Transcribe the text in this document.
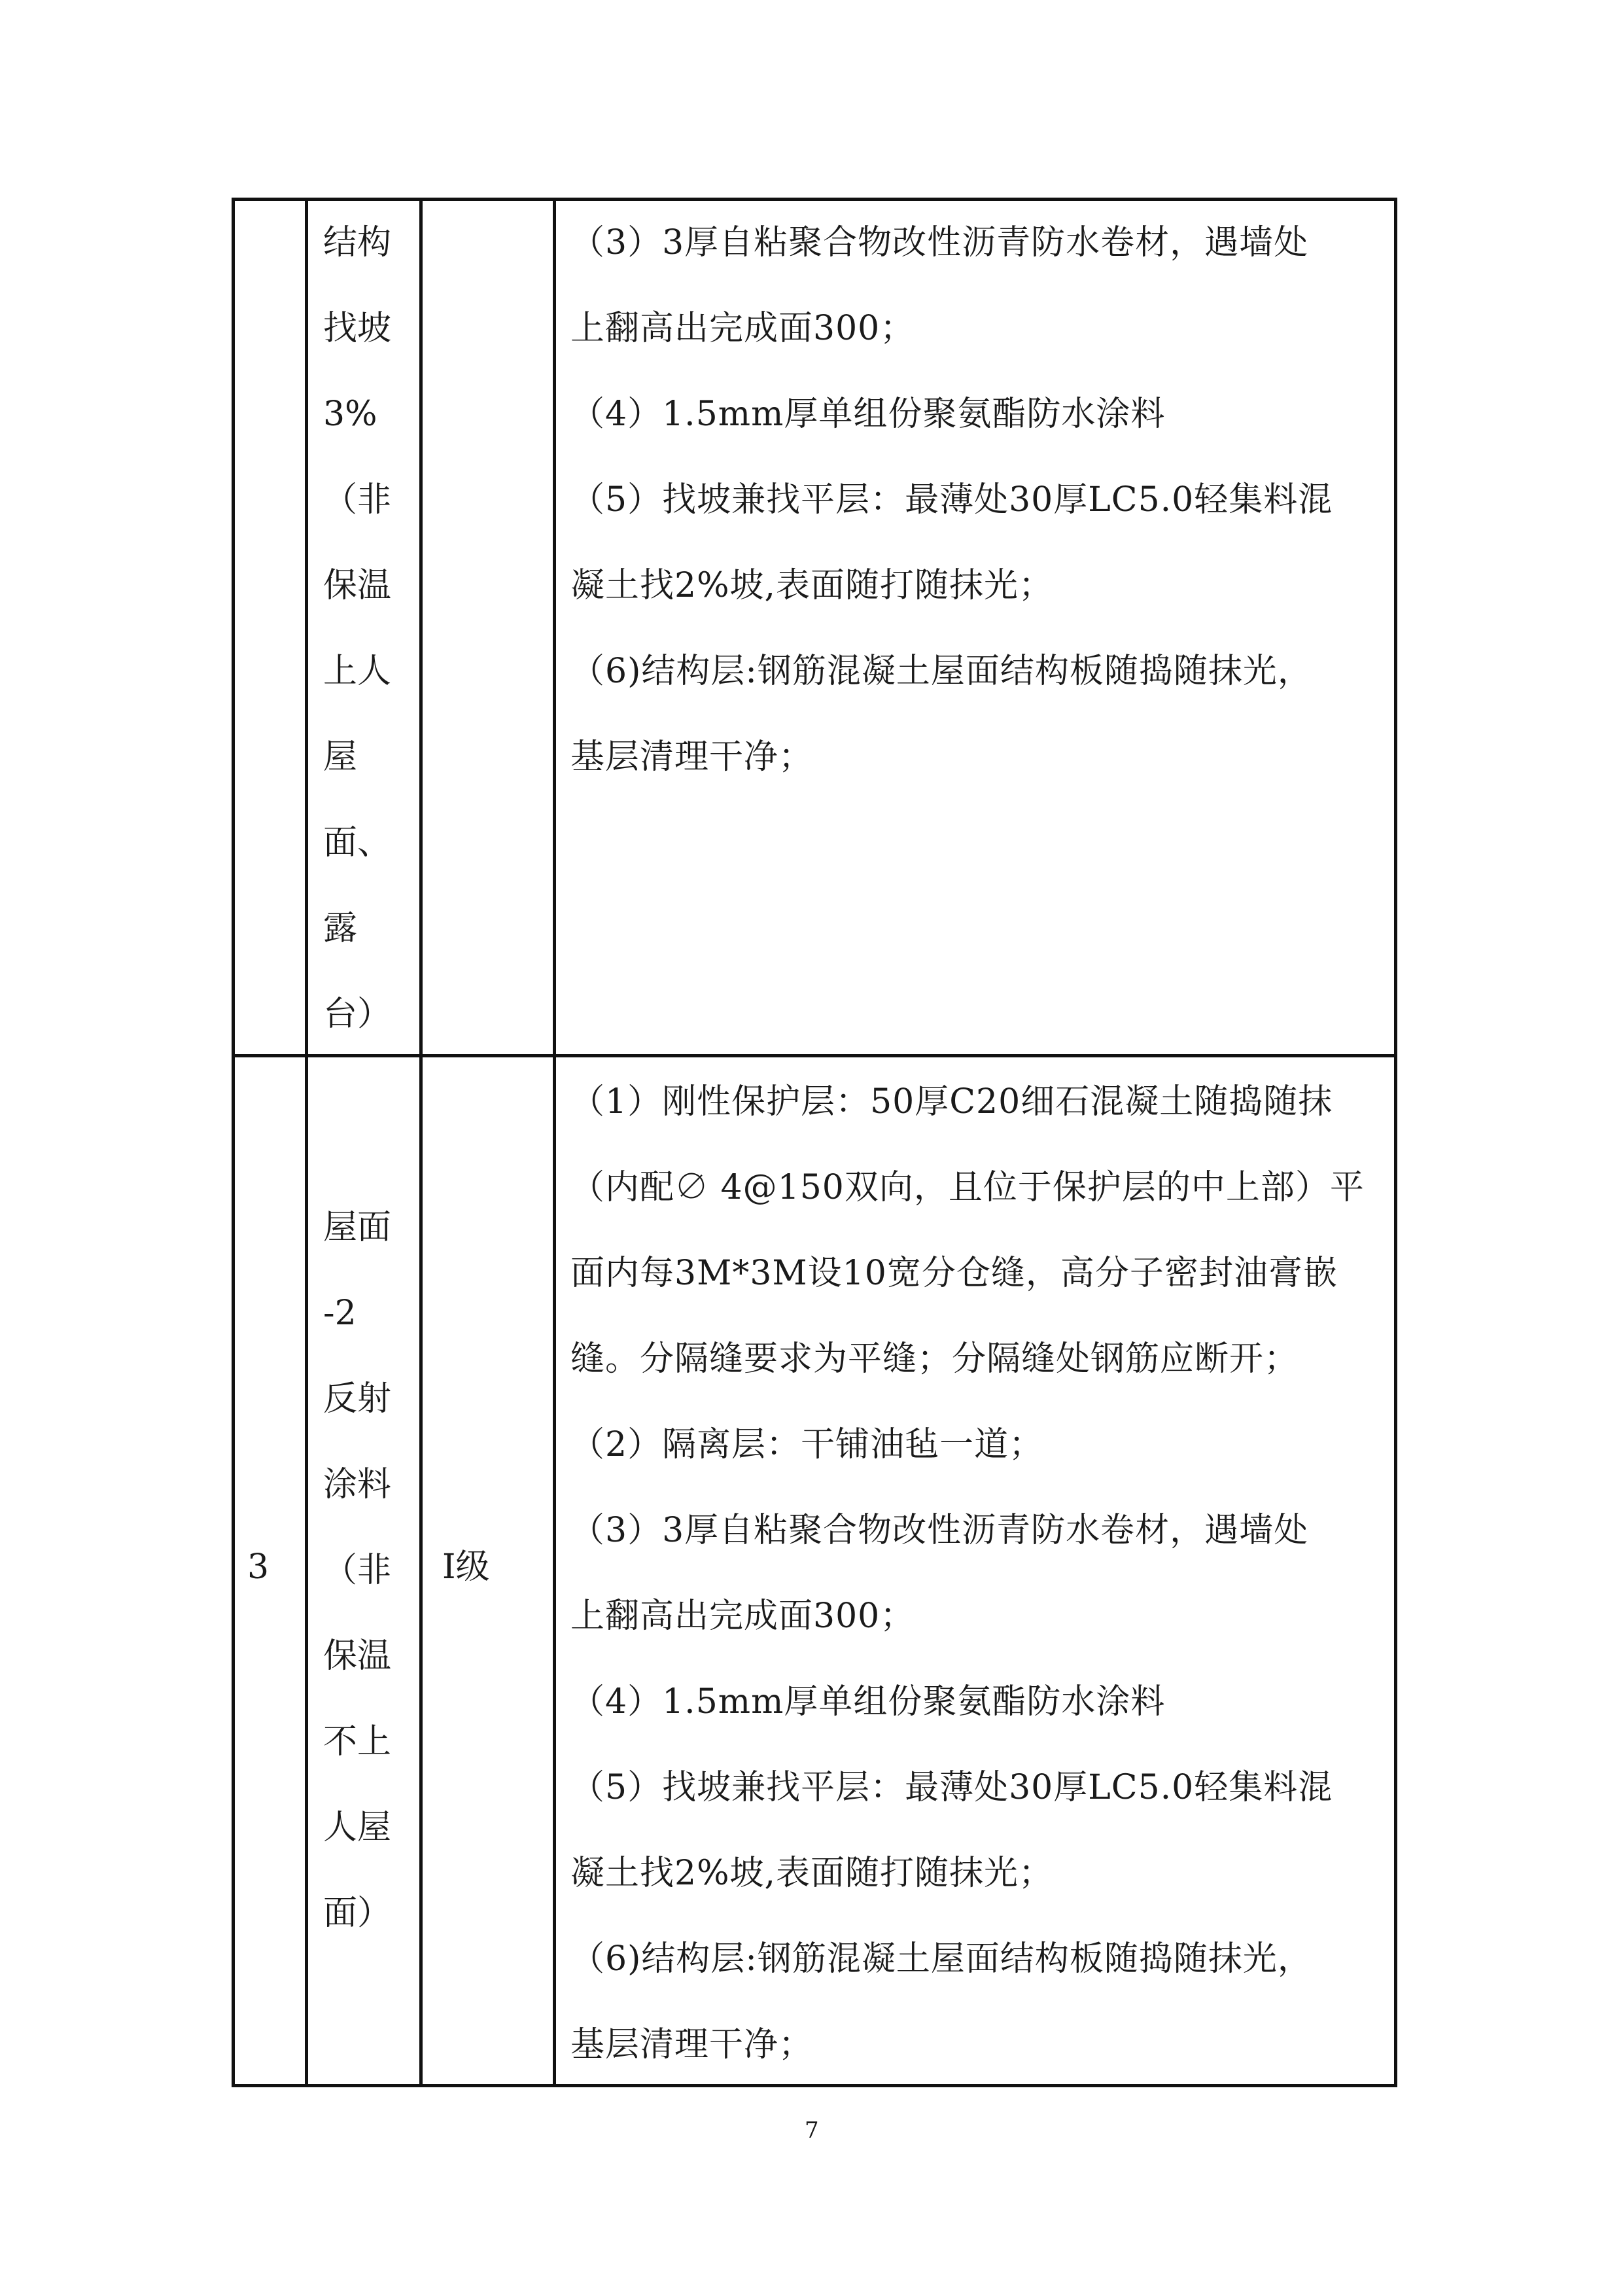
结构
找坡
3%
（非
保温
上人
屋
面、
露
台）
（3）3厚自粘聚合物改性沥青防水卷材，遇墙处
上翻高出完成面300；
（4）1.5mm厚单组份聚氨酯防水涂料
（5）找坡兼找平层：最薄处30厚LC5.0轻集料混
凝土找2%坡,表面随打随抹光；
（6)结构层:钢筋混凝土屋面结构板随捣随抹光，
基层清理干净；
3
屋面
-2
反射
涂料
（非
保温
不上
人屋
面）
Ⅰ级
（1）刚性保护层：50厚C20细石混凝土随捣随抹
（内配∅ 4@150双向，且位于保护层的中上部）平
面内每3M*3M设10宽分仓缝，高分子密封油膏嵌
缝。分隔缝要求为平缝；分隔缝处钢筋应断开；
（2）隔离层：干铺油毡一道；
（3）3厚自粘聚合物改性沥青防水卷材，遇墙处
上翻高出完成面300；
（4）1.5mm厚单组份聚氨酯防水涂料
（5）找坡兼找平层：最薄处30厚LC5.0轻集料混
凝土找2%坡,表面随打随抹光；
（6)结构层:钢筋混凝土屋面结构板随捣随抹光，
基层清理干净；
7
